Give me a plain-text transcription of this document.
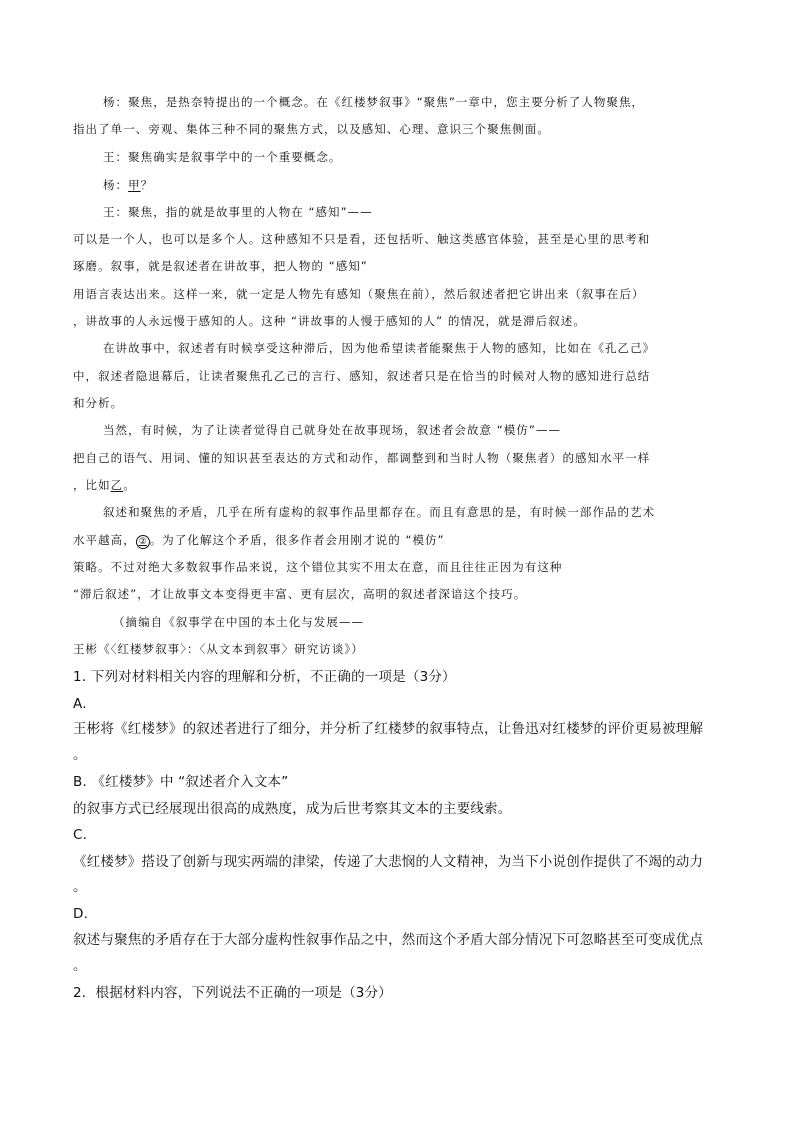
杨：聚焦，是热奈特提出的一个概念。在《红楼梦叙事》“聚焦”一章中，您主要分析了人物聚焦，
指出了单一、旁观、集体三种不同的聚焦方式，以及感知、心理、意识三个聚焦侧面。
王：聚焦确实是叙事学中的一个重要概念。
杨：甲？
王：聚焦，指的就是故事里的人物在 “感知”——
可以是一个人，也可以是多个人。这种感知不只是看，还包括听、触这类感官体验，甚至是心里的思考和
琢磨。叙事，就是叙述者在讲故事，把人物的 “感知”
用语言表达出来。这样一来，就一定是人物先有感知（聚焦在前），然后叙述者把它讲出来（叙事在后）
，讲故事的人永远慢于感知的人。这种 “讲故事的人慢于感知的人” 的情况，就是滞后叙述。
在讲故事中，叙述者有时候享受这种滞后，因为他希望读者能聚焦于人物的感知，比如在《孔乙己》
中，叙述者隐退幕后，让读者聚焦孔乙己的言行、感知，叙述者只是在恰当的时候对人物的感知进行总结
和分析。
当然，有时候，为了让读者觉得自己就身处在故事现场，叙述者会故意 “模仿”——
把自己的语气、用词、懂的知识甚至表达的方式和动作，都调整到和当时人物（聚焦者）的感知水平一样
，比如乙。
叙述和聚焦的矛盾，几乎在所有虚构的叙事作品里都存在。而且有意思的是，有时候一部作品的艺术
水平越高， ② 。为了化解这个矛盾，很多作者会用刚才说的 “模仿”
策略。不过对绝大多数叙事作品来说，这个错位其实不用太在意，而且往往正因为有这种
“滞后叙述”，才让故事文本变得更丰富、更有层次，高明的叙述者深谙这个技巧。
（摘编自《叙事学在中国的本土化与发展——
王彬《〈红楼梦叙事〉：〈从文本到叙事〉研究访谈》）
1. 下列对材料相关内容的理解和分析，不正确的一项是（3分）
A.
王彬将《红楼梦》的叙述者进行了细分，并分析了红楼梦的叙事特点，让鲁迅对红楼梦的评价更易被理解
。
B. 《红楼梦》中 “叙述者介入文本”
的叙事方式已经展现出很高的成熟度，成为后世考察其文本的主要线索。
C.
《红楼梦》搭设了创新与现实两端的津梁，传递了大悲悯的人文精神，为当下小说创作提供了不竭的动力
。
D.
叙述与聚焦的矛盾存在于大部分虚构性叙事作品之中，然而这个矛盾大部分情况下可忽略甚至可变成优点
。
2．根据材料内容，下列说法不正确的一项是（3分）
